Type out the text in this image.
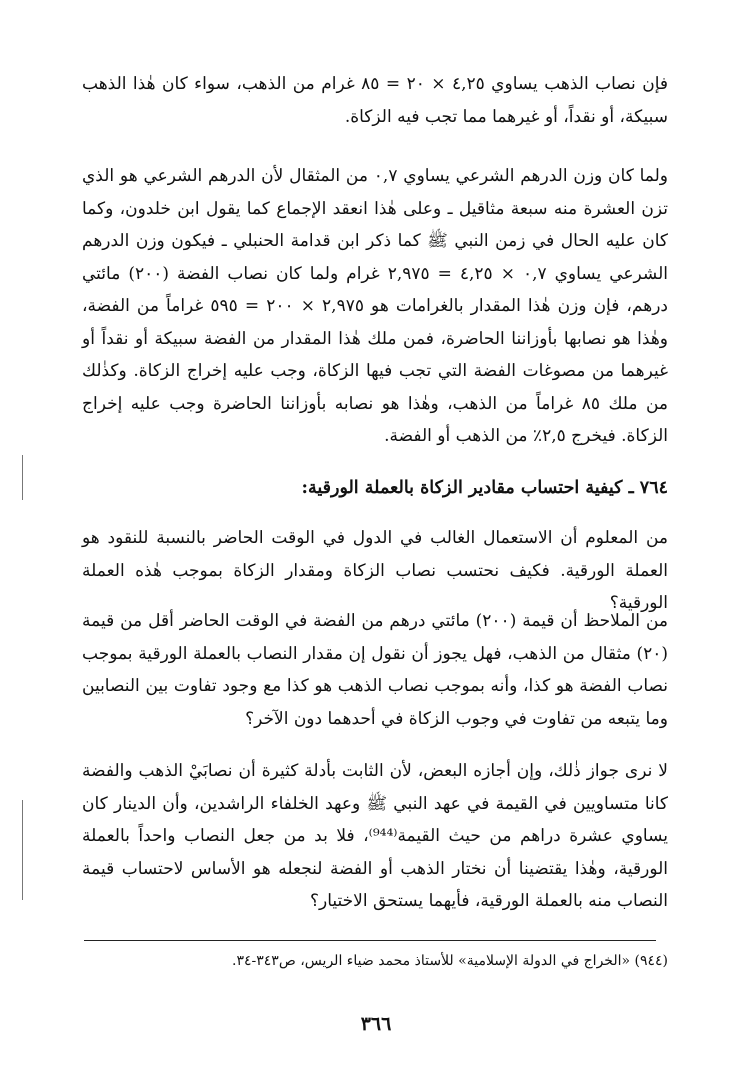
فإن نصاب الذهب يساوي ٤,٢٥ × ٢٠ = ٨٥ غرام من الذهب، سواء كان هٰذا الذهب سبيكة، أو نقداً، أو غيرهما مما تجب فيه الزكاة.

ولما كان وزن الدرهم الشرعي يساوي ٠,٧ من المثقال لأن الدرهم الشرعي هو الذي تزن العشرة منه سبعة مثاقيل ـ وعلى هٰذا انعقد الإجماع كما يقول ابن خلدون، وكما كان عليه الحال في زمن النبي ﷺ كما ذكر ابن قدامة الحنبلي ـ فيكون وزن الدرهم الشرعي يساوي ٠,٧ × ٤,٢٥ = ٢,٩٧٥ غرام ولما كان نصاب الفضة (٢٠٠) مائتي درهم، فإن وزن هٰذا المقدار بالغرامات هو ٢,٩٧٥ × ٢٠٠ = ٥٩٥ غراماً من الفضة، وهٰذا هو نصابها بأوزاننا الحاضرة، فمن ملك هٰذا المقدار من الفضة سبيكة أو نقداً أو غيرهما من مصوغات الفضة التي تجب فيها الزكاة، وجب عليه إخراج الزكاة. وكذٰلك من ملك ٨٥ غراماً من الذهب، وهٰذا هو نصابه بأوزاننا الحاضرة وجب عليه إخراج الزكاة. فيخرج ٢,٥٪ من الذهب أو الفضة.

٧٦٤ ـ كيفية احتساب مقادير الزكاة بالعملة الورقية:

من المعلوم أن الاستعمال الغالب في الدول في الوقت الحاضر بالنسبة للنقود هو العملة الورقية. فكيف نحتسب نصاب الزكاة ومقدار الزكاة بموجب هٰذه العملة الورقية؟

من الملاحظ أن قيمة (٢٠٠) مائتي درهم من الفضة في الوقت الحاضر أقل من قيمة (٢٠) مثقال من الذهب، فهل يجوز أن نقول إن مقدار النصاب بالعملة الورقية بموجب نصاب الفضة هو كذا، وأنه بموجب نصاب الذهب هو كذا مع وجود تفاوت بين النصابين وما يتبعه من تفاوت في وجوب الزكاة في أحدهما دون الآخر؟

لا نرى جواز ذٰلك، وإن أجازه البعض، لأن الثابت بأدلة كثيرة أن نصابَيْ الذهب والفضة كانا متساويين في القيمة في عهد النبي ﷺ وعهد الخلفاء الراشدين، وأن الدينار كان يساوي عشرة دراهم من حيث القيمة⁽⁹⁴⁴⁾، فلا بد من جعل النصاب واحداً بالعملة الورقية، وهٰذا يقتضينا أن نختار الذهب أو الفضة لنجعله هو الأساس لاحتساب قيمة النصاب منه بالعملة الورقية، فأيهما يستحق الاختيار؟

(٩٤٤) «الخراج في الدولة الإسلامية» للأستاذ محمد ضياء الريس، ص٣٤٣-٣٤.

٣٦٦
